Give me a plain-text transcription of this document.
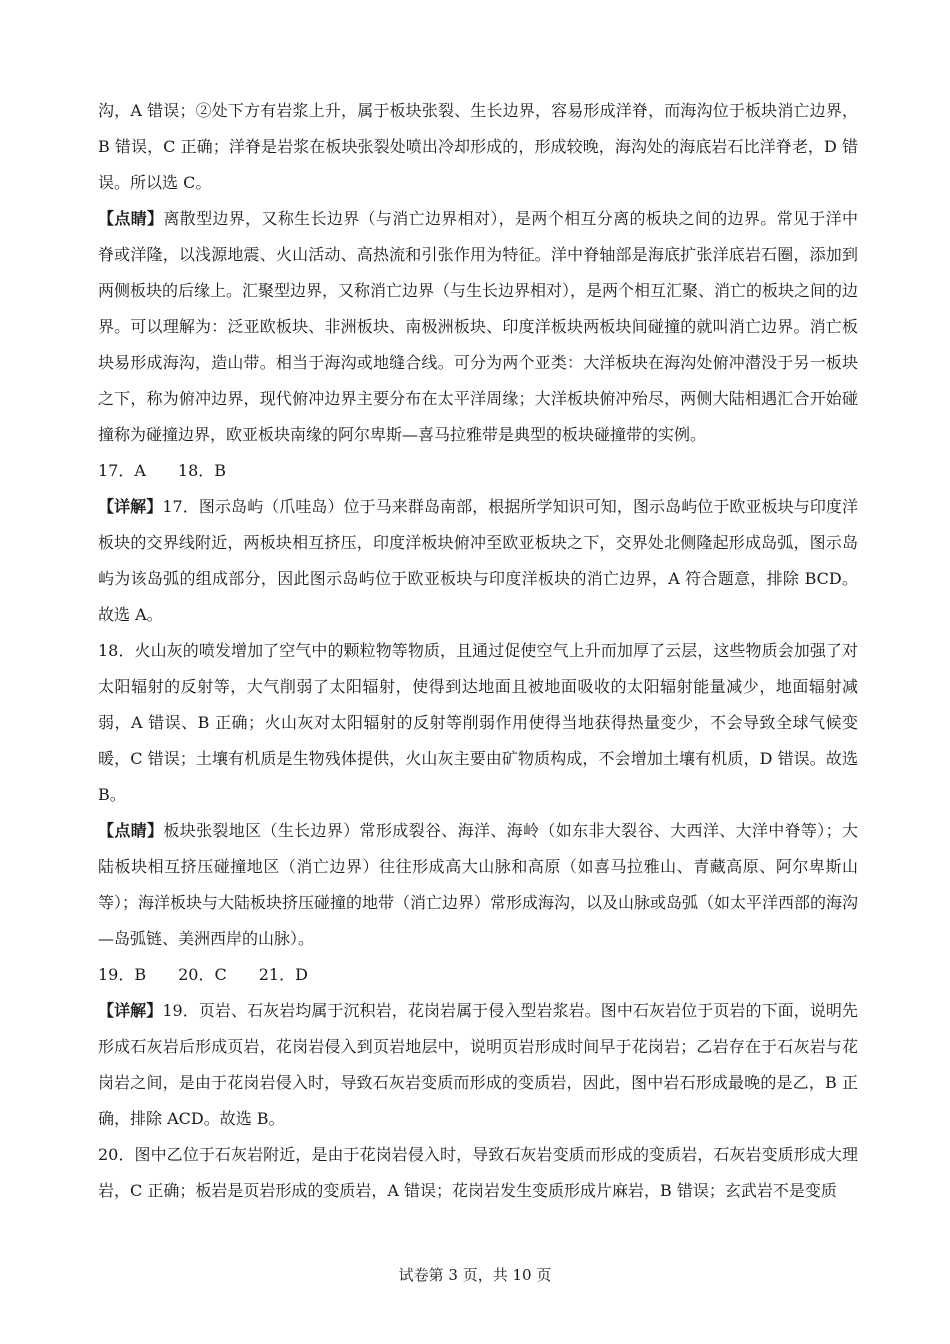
沟，A 错误；②处下方有岩浆上升，属于板块张裂、生长边界，容易形成洋脊，而海沟位于板块消亡边界，B 错误，C 正确；洋脊是岩浆在板块张裂处喷出冷却形成的，形成较晚，海沟处的海底岩石比洋脊老，D 错误。所以选 C。

【点睛】离散型边界，又称生长边界（与消亡边界相对），是两个相互分离的板块之间的边界。常见于洋中脊或洋隆，以浅源地震、火山活动、高热流和引张作用为特征。洋中脊轴部是海底扩张洋底岩石圈，添加到两侧板块的后缘上。汇聚型边界，又称消亡边界（与生长边界相对），是两个相互汇聚、消亡的板块之间的边界。可以理解为：泛亚欧板块、非洲板块、南极洲板块、印度洋板块两板块间碰撞的就叫消亡边界。消亡板块易形成海沟，造山带。相当于海沟或地缝合线。可分为两个亚类：大洋板块在海沟处俯冲潜没于另一板块之下，称为俯冲边界，现代俯冲边界主要分布在太平洋周缘；大洋板块俯冲殆尽，两侧大陆相遇汇合开始碰撞称为碰撞边界，欧亚板块南缘的阿尔卑斯—喜马拉雅带是典型的板块碰撞带的实例。

17．A　　18．B

【详解】17．图示岛屿（爪哇岛）位于马来群岛南部，根据所学知识可知，图示岛屿位于欧亚板块与印度洋板块的交界线附近，两板块相互挤压，印度洋板块俯冲至欧亚板块之下，交界处北侧隆起形成岛弧，图示岛屿为该岛弧的组成部分，因此图示岛屿位于欧亚板块与印度洋板块的消亡边界，A 符合题意，排除 BCD。故选 A。

18．火山灰的喷发增加了空气中的颗粒物等物质，且通过促使空气上升而加厚了云层，这些物质会加强了对太阳辐射的反射等，大气削弱了太阳辐射，使得到达地面且被地面吸收的太阳辐射能量减少，地面辐射减弱，A 错误、B 正确；火山灰对太阳辐射的反射等削弱作用使得当地获得热量变少，不会导致全球气候变暖，C 错误；土壤有机质是生物残体提供，火山灰主要由矿物质构成，不会增加土壤有机质，D 错误。故选 B。

【点睛】板块张裂地区（生长边界）常形成裂谷、海洋、海岭（如东非大裂谷、大西洋、大洋中脊等）；大陆板块相互挤压碰撞地区（消亡边界）往往形成高大山脉和高原（如喜马拉雅山、青藏高原、阿尔卑斯山等）；海洋板块与大陆板块挤压碰撞的地带（消亡边界）常形成海沟，以及山脉或岛弧（如太平洋西部的海沟—岛弧链、美洲西岸的山脉）。

19．B　　20．C　　21．D

【详解】19．页岩、石灰岩均属于沉积岩，花岗岩属于侵入型岩浆岩。图中石灰岩位于页岩的下面，说明先形成石灰岩后形成页岩，花岗岩侵入到页岩地层中，说明页岩形成时间早于花岗岩；乙岩存在于石灰岩与花岗岩之间，是由于花岗岩侵入时，导致石灰岩变质而形成的变质岩，因此，图中岩石形成最晚的是乙，B 正确，排除 ACD。故选 B。

20．图中乙位于石灰岩附近，是由于花岗岩侵入时，导致石灰岩变质而形成的变质岩，石灰岩变质形成大理岩，C 正确；板岩是页岩形成的变质岩，A 错误；花岗岩发生变质形成片麻岩，B 错误；玄武岩不是变质

试卷第 3 页，共 10 页
